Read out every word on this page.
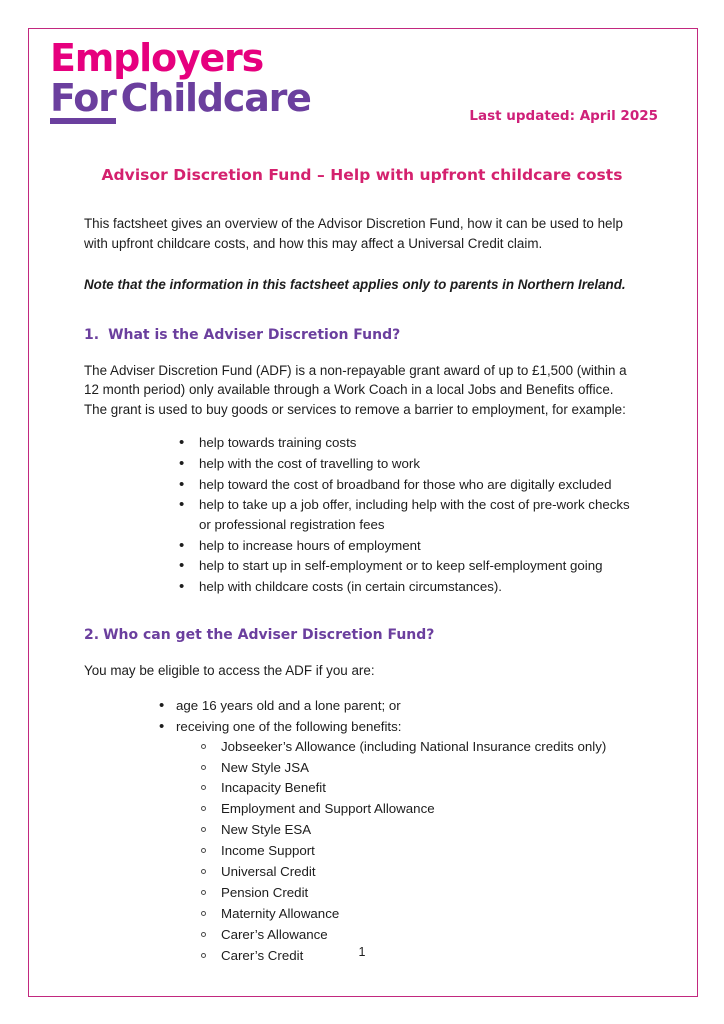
Employers
For Childcare	Last updated: April 2025
Advisor Discretion Fund – Help with upfront childcare costs

This factsheet gives an overview of the Advisor Discretion Fund, how it can be used to help with upfront childcare costs, and how this may affect a Universal Credit claim.

Note that the information in this factsheet applies only to parents in Northern Ireland.

1. What is the Adviser Discretion Fund?

The Adviser Discretion Fund (ADF) is a non-repayable grant award of up to £1,500 (within a 12 month period) only available through a Work Coach in a local Jobs and Benefits office. The grant is used to buy goods or services to remove a barrier to employment, for example:

• help towards training costs
• help with the cost of travelling to work
• help toward the cost of broadband for those who are digitally excluded
• help to take up a job offer, including help with the cost of pre-work checks or professional registration fees
• help to increase hours of employment
• help to start up in self-employment or to keep self-employment going
• help with childcare costs (in certain circumstances).
2. Who can get the Adviser Discretion Fund?

You may be eligible to access the ADF if you are:

• age 16 years old and a lone parent; or
• receiving one of the following benefits:
Jobseeker’s Allowance (including National Insurance credits only)
New Style JSA
Incapacity Benefit
Employment and Support Allowance
New Style ESA
Income Support
Universal Credit
Pension Credit
Maternity Allowance
Carer’s Allowance
Carer’s Credit	1
